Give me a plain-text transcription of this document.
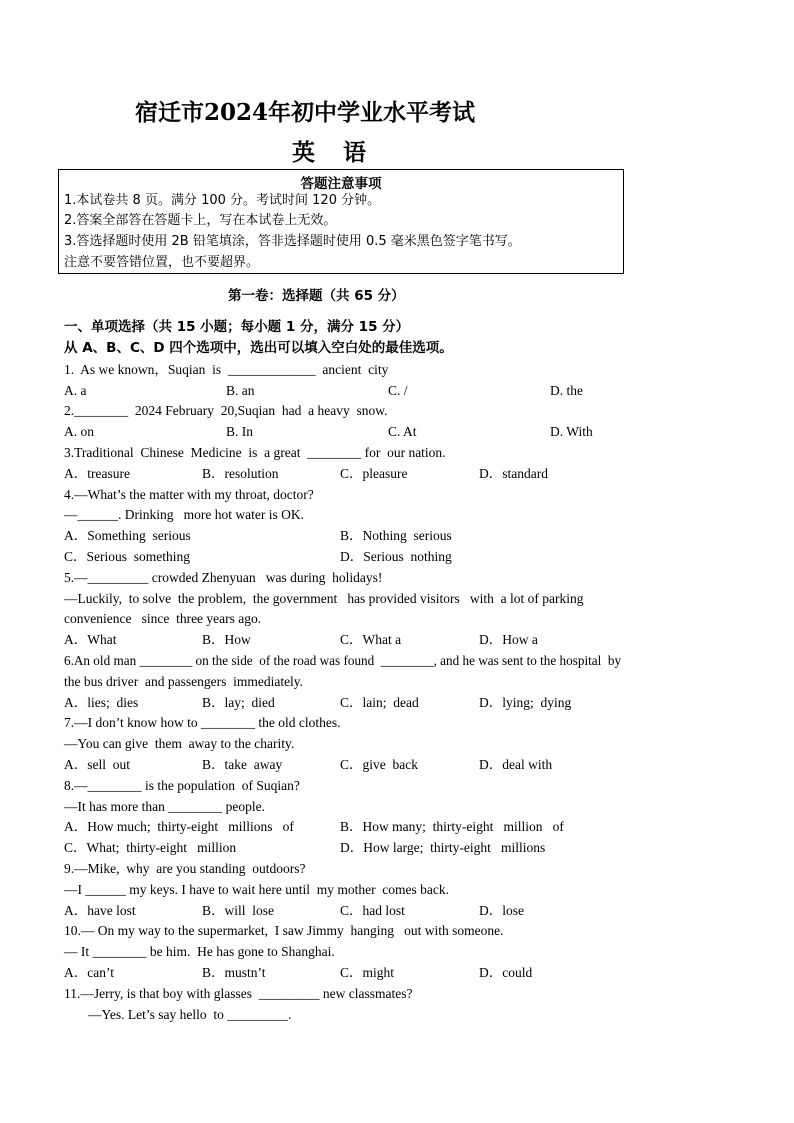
宿迁市2024年初中学业水平考试
英 语
答题注意事项
1.本试卷共 8 页。满分 100 分。考试时间 120 分钟。
2.答案全部答在答题卡上，写在本试卷上无效。
3.答选择题时使用 2B 铅笔填涂，答非选择题时使用 0.5 毫米黑色签字笔书写。
注意不要答错位置，也不要超界。
第一卷：选择题（共 65 分）
一、单项选择（共 15 小题；每小题 1 分，满分 15 分）
从 A、B、C、D 四个选项中，选出可以填入空白处的最佳选项。
1.  As we known，Suqian  is  _____________  ancient  city
A. a	B. an	C. /	D. the
2.________  2024 February  20,Suqian  had  a heavy  snow.
A. on	B. In	C. At	D. With
3.Traditional  Chinese  Medicine  is  a great  ________ for  our nation.
A．treasure	B．resolution	C．pleasure	D．standard
4.—What’s the matter with my throat, doctor?
—______. Drinking   more hot water is OK.
A．Something  serious	B．Nothing  serious
C．Serious  something	D．Serious  nothing
5.—_________ crowded Zhenyuan   was during  holidays!
—Luckily,  to solve  the problem,  the government   has provided visitors   with  a lot of parking
convenience   since  three years ago.
A．What	B．How	C．What a	D．How a
6.An old man ________ on the side  of the road was found  ________, and he was sent to the hospital  by
the bus driver  and passengers  immediately.
A．lies;  dies	B．lay;  died	C．lain;  dead	D．lying;  dying
7.—I don’t know how to ________ the old clothes.
—You can give  them  away to the charity.
A．sell  out	B．take  away	C．give  back	D．deal with
8.—________ is the population  of Suqian?
—It has more than ________ people.
A．How much;  thirty-eight   millions   of	B．How many;  thirty-eight   million   of
C．What;  thirty-eight   million	D．How large;  thirty-eight   millions
9.—Mike,  why  are you standing  outdoors?
—I ______ my keys. I have to wait here until  my mother  comes back.
A．have lost	B．will  lose	C．had lost	D．lose
10.— On my way to the supermarket,  I saw Jimmy  hanging   out with someone.
— It ________ be him.  He has gone to Shanghai.
A．can’t	B．mustn’t	C．might	D．could
11.—Jerry, is that boy with glasses  _________ new classmates?
—Yes. Let’s say hello  to _________.
